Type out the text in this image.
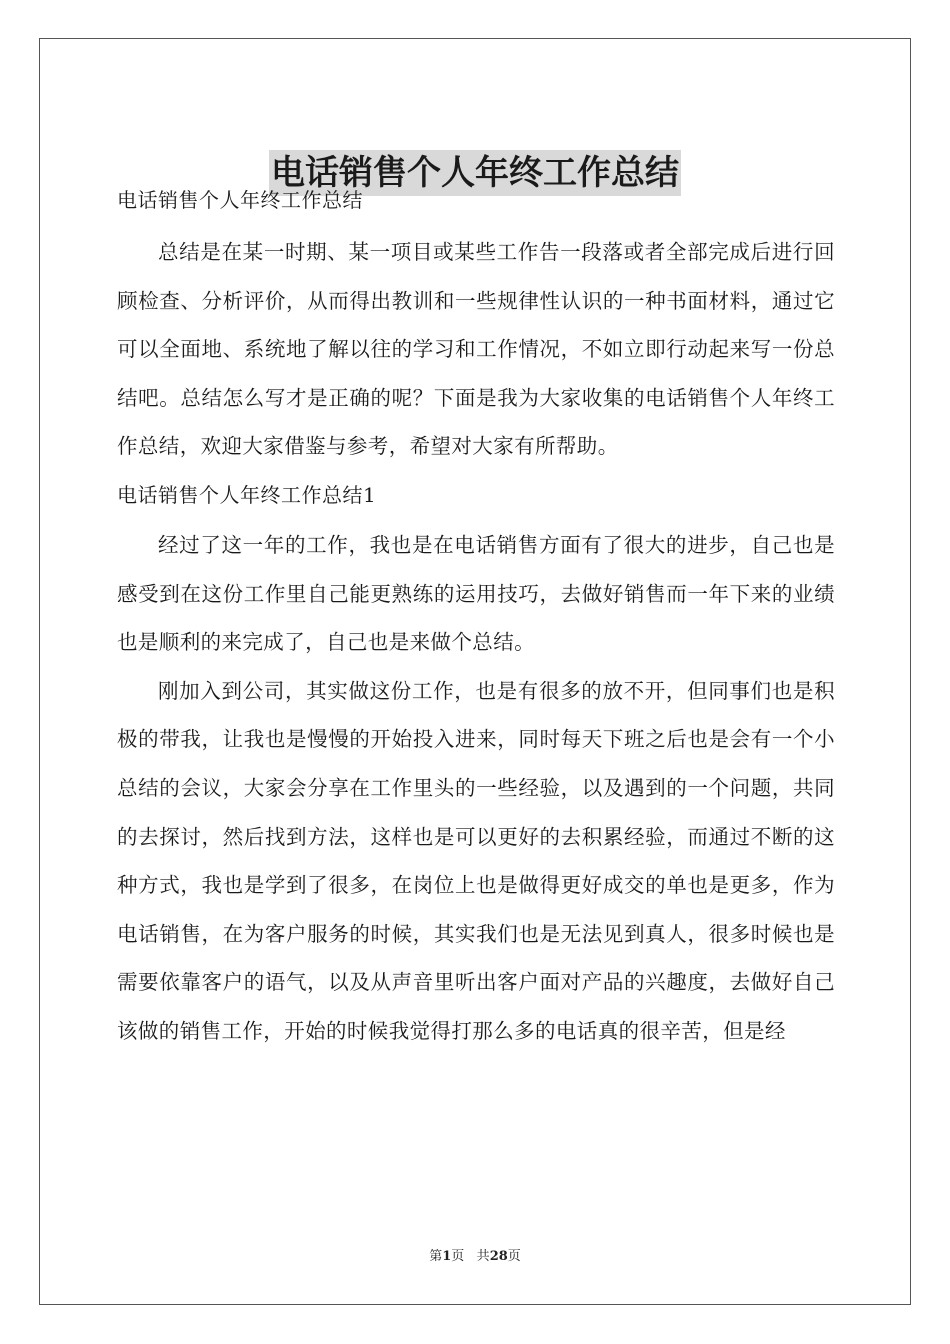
电话销售个人年终工作总结

电话销售个人年终工作总结

总结是在某一时期、某一项目或某些工作告一段落或者全部完成后进行回顾检查、分析评价，从而得出教训和一些规律性认识的一种书面材料，通过它可以全面地、系统地了解以往的学习和工作情况，不如立即行动起来写一份总结吧。总结怎么写才是正确的呢？下面是我为大家收集的电话销售个人年终工作总结，欢迎大家借鉴与参考，希望对大家有所帮助。

电话销售个人年终工作总结1

经过了这一年的工作，我也是在电话销售方面有了很大的进步，自己也是感受到在这份工作里自己能更熟练的运用技巧，去做好销售而一年下来的业绩也是顺利的来完成了，自己也是来做个总结。

刚加入到公司，其实做这份工作，也是有很多的放不开，但同事们也是积极的带我，让我也是慢慢的开始投入进来，同时每天下班之后也是会有一个小总结的会议，大家会分享在工作里头的一些经验，以及遇到的一个问题，共同的去探讨，然后找到方法，这样也是可以更好的去积累经验，而通过不断的这种方式，我也是学到了很多，在岗位上也是做得更好成交的单也是更多，作为电话销售，在为客户服务的时候，其实我们也是无法见到真人，很多时候也是需要依靠客户的语气，以及从声音里听出客户面对产品的兴趣度，去做好自己该做的销售工作，开始的时候我觉得打那么多的电话真的很辛苦，但是经

第1页 共28页
